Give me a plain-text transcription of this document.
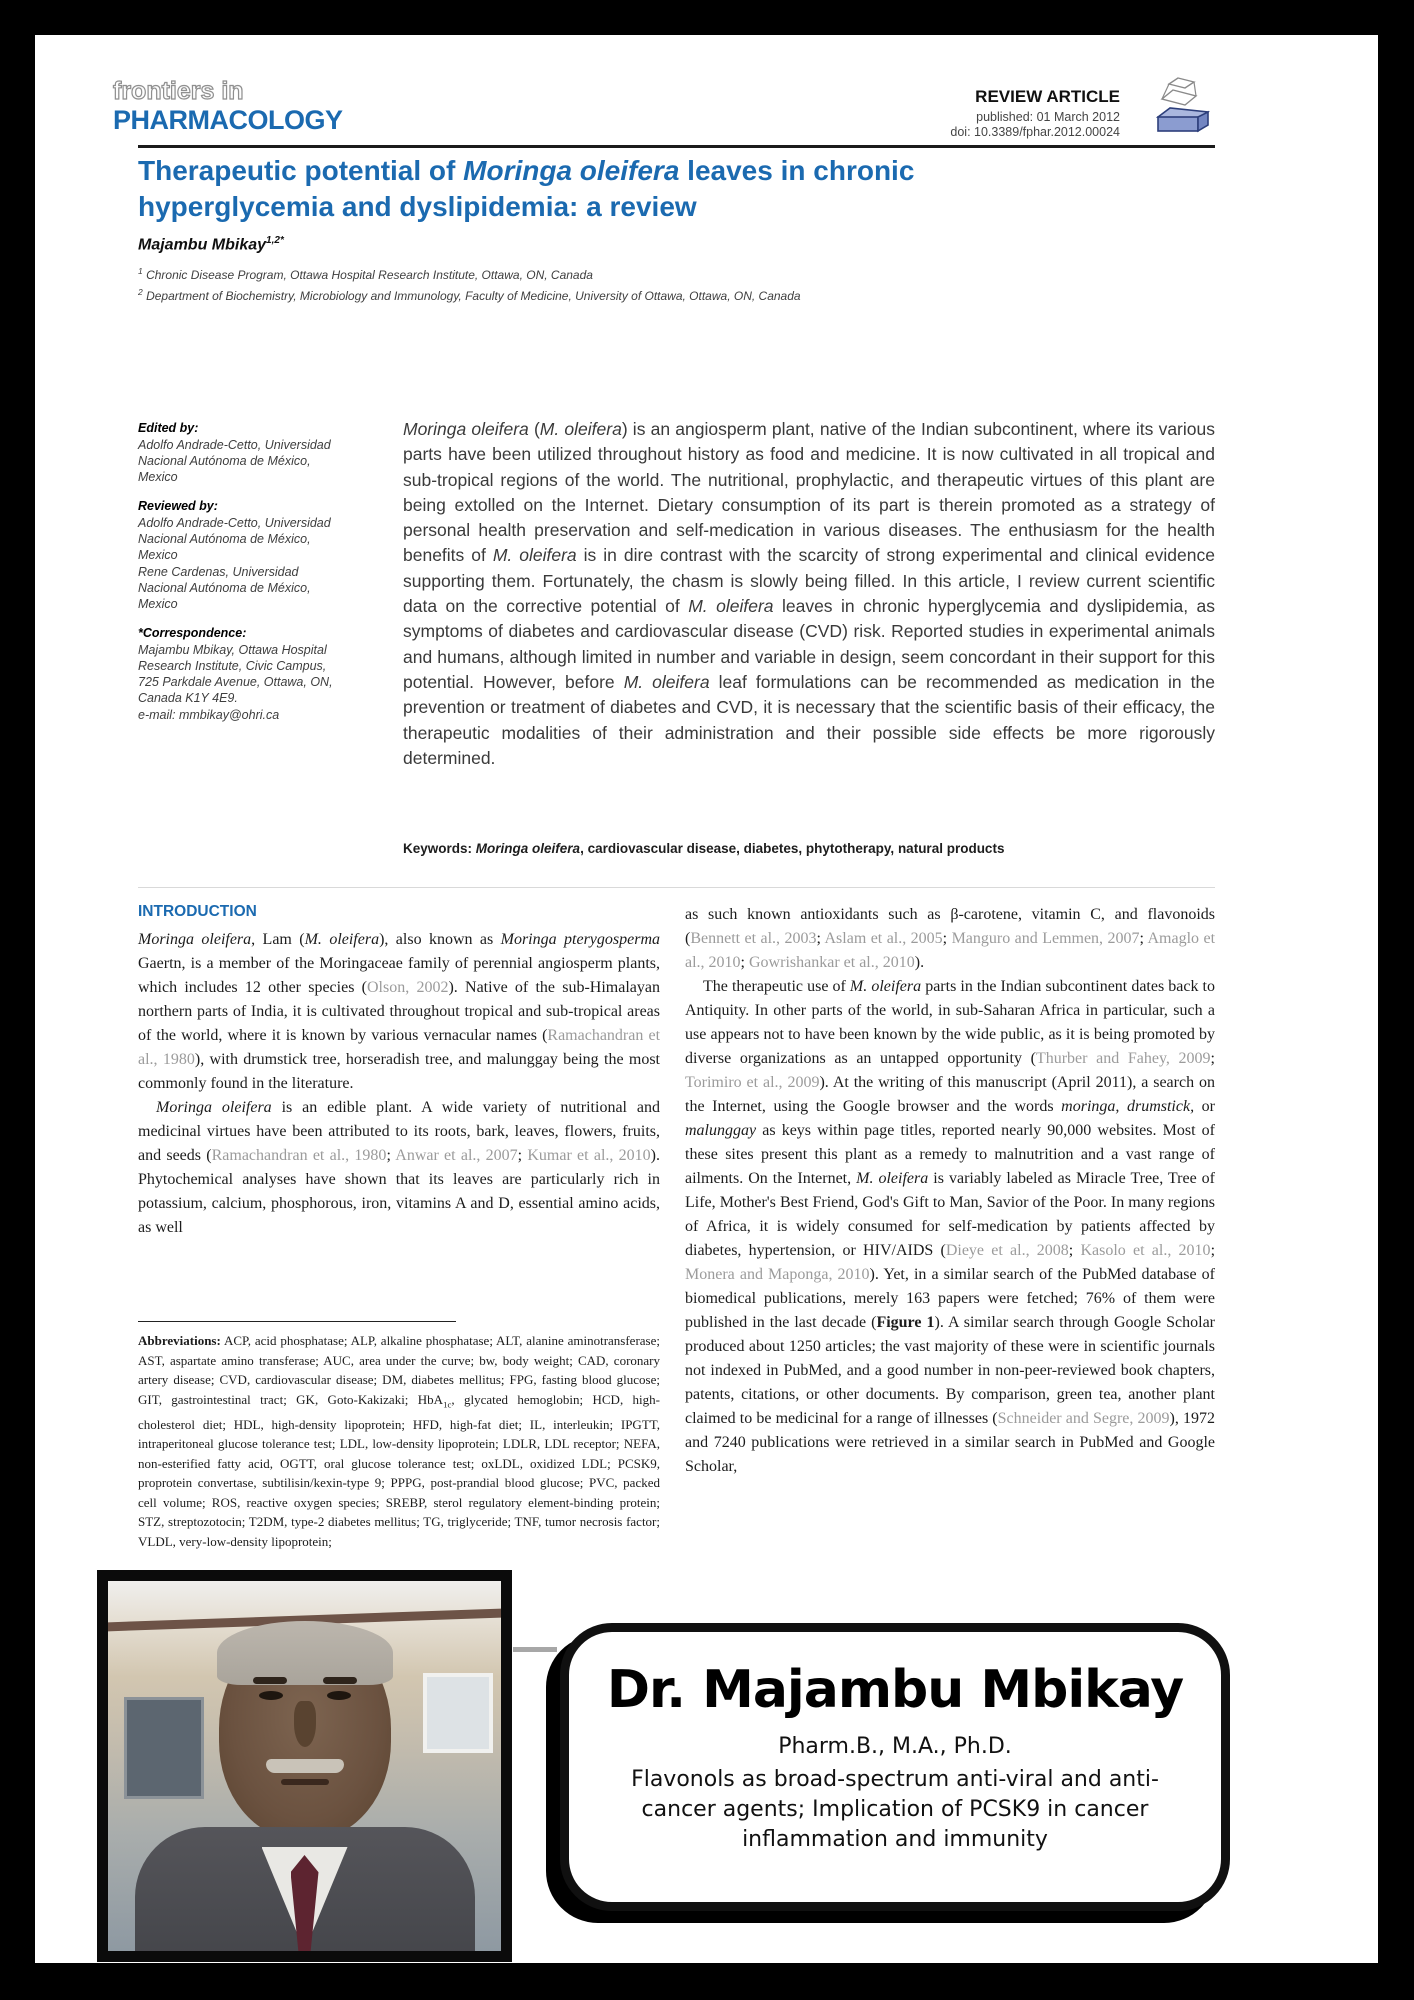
frontiers in
PHARMACOLOGY
REVIEW ARTICLE
published: 01 March 2012
doi: 10.3389/fphar.2012.00024
Therapeutic potential of Moringa oleifera leaves in chronic
hyperglycemia and dyslipidemia: a review
Majambu Mbikay$^{1,2*}$
$^1$ Chronic Disease Program, Ottawa Hospital Research Institute, Ottawa, ON, Canada
$^2$ Department of Biochemistry, Microbiology and Immunology, Faculty of Medicine, University of Ottawa, Ottawa, ON, Canada
Edited by:
Adolfo Andrade-Cetto, Universidad Nacional Autónoma de México, Mexico
Reviewed by:
Adolfo Andrade-Cetto, Universidad Nacional Autónoma de México, Mexico
Rene Cardenas, Universidad Nacional Autónoma de México, Mexico
*Correspondence:
Majambu Mbikay, Ottawa Hospital Research Institute, Civic Campus, 725 Parkdale Avenue, Ottawa, ON, Canada K1Y 4E9.
e-mail: mmbikay@ohri.ca
Moringa oleifera (M. oleifera) is an angiosperm plant, native of the Indian subcontinent, where its various parts have been utilized throughout history as food and medicine. It is now cultivated in all tropical and sub-tropical regions of the world. The nutritional, prophylactic, and therapeutic virtues of this plant are being extolled on the Internet. Dietary consumption of its part is therein promoted as a strategy of personal health preservation and self-medication in various diseases. The enthusiasm for the health benefits of M. oleifera is in dire contrast with the scarcity of strong experimental and clinical evidence supporting them. Fortunately, the chasm is slowly being filled. In this article, I review current scientific data on the corrective potential of M. oleifera leaves in chronic hyperglycemia and dyslipidemia, as symptoms of diabetes and cardiovascular disease (CVD) risk. Reported studies in experimental animals and humans, although limited in number and variable in design, seem concordant in their support for this potential. However, before M. oleifera leaf formulations can be recommended as medication in the prevention or treatment of diabetes and CVD, it is necessary that the scientific basis of their efficacy, the therapeutic modalities of their administration and their possible side effects be more rigorously determined.
Keywords: Moringa oleifera, cardiovascular disease, diabetes, phytotherapy, natural products
INTRODUCTION
Moringa oleifera, Lam (M. oleifera), also known as Moringa pterygosperma Gaertn, is a member of the Moringaceae family of perennial angiosperm plants, which includes 12 other species (Olson, 2002). Native of the sub-Himalayan northern parts of India, it is cultivated throughout tropical and sub-tropical areas of the world, where it is known by various vernacular names (Ramachandran et al., 1980), with drumstick tree, horseradish tree, and malunggay being the most commonly found in the literature.
Moringa oleifera is an edible plant. A wide variety of nutritional and medicinal virtues have been attributed to its roots, bark, leaves, flowers, fruits, and seeds (Ramachandran et al., 1980; Anwar et al., 2007; Kumar et al., 2010). Phytochemical analyses have shown that its leaves are particularly rich in potassium, calcium, phosphorous, iron, vitamins A and D, essential amino acids, as well
Abbreviations: ACP, acid phosphatase; ALP, alkaline phosphatase; ALT, alanine aminotransferase; AST, aspartate amino transferase; AUC, area under the curve; bw, body weight; CAD, coronary artery disease; CVD, cardiovascular disease; DM, diabetes mellitus; FPG, fasting blood glucose; GIT, gastrointestinal tract; GK, Goto-Kakizaki; HbA$_{1c}$, glycated hemoglobin; HCD, high-cholesterol diet; HDL, high-density lipoprotein; HFD, high-fat diet; IL, interleukin; IPGTT, intraperitoneal glucose tolerance test; LDL, low-density lipoprotein; LDLR, LDL receptor; NEFA, non-esterified fatty acid, OGTT, oral glucose tolerance test; oxLDL, oxidized LDL; PCSK9, proprotein convertase, subtilisin/kexin-type 9; PPPG, post-prandial blood glucose; PVC, packed cell volume; ROS, reactive oxygen species; SREBP, sterol regulatory element-binding protein; STZ, streptozotocin; T2DM, type-2 diabetes mellitus; TG, triglyceride; TNF, tumor necrosis factor; VLDL, very-low-density lipoprotein;
as such known antioxidants such as β-carotene, vitamin C, and flavonoids (Bennett et al., 2003; Aslam et al., 2005; Manguro and Lemmen, 2007; Amaglo et al., 2010; Gowrishankar et al., 2010).
The therapeutic use of M. oleifera parts in the Indian subcontinent dates back to Antiquity. In other parts of the world, in sub-Saharan Africa in particular, such a use appears not to have been known by the wide public, as it is being promoted by diverse organizations as an untapped opportunity (Thurber and Fahey, 2009; Torimiro et al., 2009). At the writing of this manuscript (April 2011), a search on the Internet, using the Google browser and the words moringa, drumstick, or malunggay as keys within page titles, reported nearly 90,000 websites. Most of these sites present this plant as a remedy to malnutrition and a vast range of ailments. On the Internet, M. oleifera is variably labeled as Miracle Tree, Tree of Life, Mother's Best Friend, God's Gift to Man, Savior of the Poor. In many regions of Africa, it is widely consumed for self-medication by patients affected by diabetes, hypertension, or HIV/AIDS (Dieye et al., 2008; Kasolo et al., 2010; Monera and Maponga, 2010). Yet, in a similar search of the PubMed database of biomedical publications, merely 163 papers were fetched; 76% of them were published in the last decade (Figure 1). A similar search through Google Scholar produced about 1250 articles; the vast majority of these were in scientific journals not indexed in PubMed, and a good number in non-peer-reviewed book chapters, patents, citations, or other documents. By comparison, green tea, another plant claimed to be medicinal for a range of illnesses (Schneider and Segre, 2009), 1972 and 7240 publications were retrieved in a similar search in PubMed and Google Scholar,
Dr. Majambu Mbikay
Pharm.B., M.A., Ph.D.
Flavonols as broad-spectrum anti-viral and anti-cancer agents; Implication of PCSK9 in cancer inflammation and immunity
